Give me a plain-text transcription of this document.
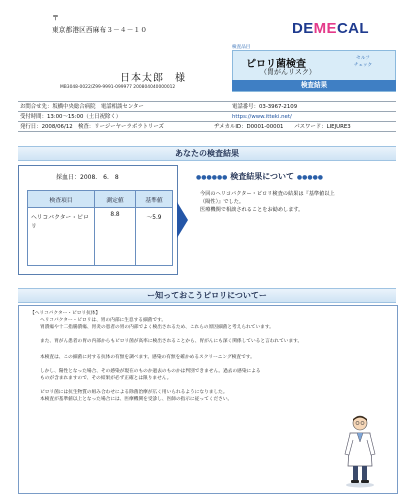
〒
東京都港区西麻布３－４－１０
日本太郎　様
MB3048-0022/Z99-9991-099977 200804040000012
DEMECAL
検査品目
ピロリ菌検査
（胃がんリスク）
セルフ
チェック
検査結果
お問合せ先：坂橋中央総合病院　電話相談センター	電話番号：03-3967-2109
受付時間：13:00～15:00（土日祝除く）	https://www.itteki.net/
発行日：2008/06/12　検査：リージーヤーラボラトリーズ	ヂメカルID：D0001-00001　　パスワード：LIEJURE3
あなたの検査結果
採血日：2008.　6.　8
検査項目	測定値	基準値
ヘリコバクター・ピロリ	8.8	～5.9
●●●●●● 検査結果について ●●●●●
今回のヘリコバクター・ピロリ検査の結果は『基準値以上
（陽性）』でした。
医療機関で相談されることをお勧めします。
ー知っておこうピロリについてー
【ヘリコバクター・ピロリ抗体】
ヘリコバクター・ピロリは、胃の内部に生息する細菌です。
胃潰瘍や十二指腸潰瘍、胃炎の患者の胃の内部でよく検出されるため、これらの原因細菌と考えられています。
また、胃がん患者の胃の内部からもピロリ菌が高率に検出されることから、胃がんにも深く関係していると言われています。
本検査は、この細菌に対する抗体の有無を調べます。感染の有無を確かめるスクリーニング検査です。
しかし、陽性となった場合、その感染が現在のものか過去のものかは判別できません。過去の感染による
ものが含まれますので、その結果が必ず正確とは限りません。
ピロリ菌には抗生物質の組み合わせによる除菌治療が広く用いられるようになりました。
本検査が基準値以上となった場合には、医療機関を受診し、医師の指示に従ってください。
